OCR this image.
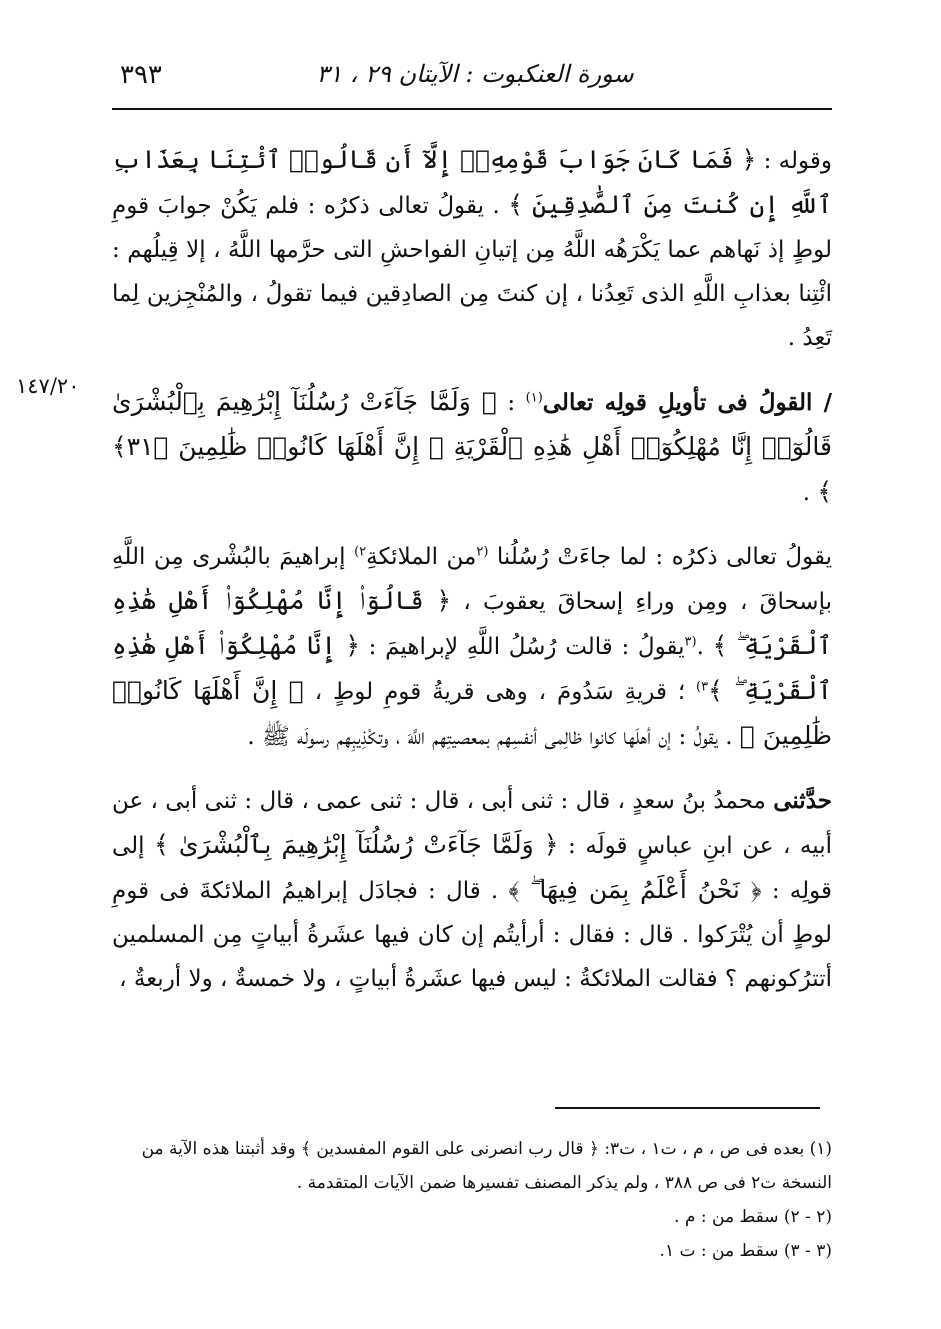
٣٩٣	سورة العنكبوت : الآيتان ٢٩ ، ٣١
١٤٧/٢٠

وقوله : ﴿ فَمَا كَانَ جَوَابَ قَوْمِهِۦٓ إِلَّآ أَن قَالُوا۟ ٱئْتِنَا بِعَذَابِ ٱللَّهِ إِن كُنتَ مِنَ ٱلصَّٰدِقِينَ ﴾ . يقولُ تعالى ذكرُه : فلم يَكُنْ جوابَ قومِ لوطٍ إذ نَهاهم عما يَكْرَهُه اللَّهُ مِن إتيانِ الفواحشِ التى حرَّمها اللَّهُ ، إلا قِيلُهم : ائْتِنا بعذابِ اللَّهِ الذى تَعِدُنا ، إن كنتَ مِن الصادِقين فيما تقولُ ، والمُنْجِزين لِما تَعِدُ .

/ القولُ فى تأويلِ قولِه تعالى$^{(١)}$ : ﴿ وَلَمَّا جَآءَتْ رُسُلُنَآ إِبْرَٰهِيمَ بِٱلْبُشْرَىٰ قَالُوٓا۟ إِنَّا مُهْلِكُوٓا۟ أَهْلِ هَٰذِهِ ٱلْقَرْيَةِ ۖ إِنَّ أَهْلَهَا كَانُوا۟ ظَٰلِمِينَ ﴿٣١﴾ ﴾ .

يقولُ تعالى ذكرُه : لما جاءَتْ رُسُلُنا $^{(٢}$من الملائكةِ$^{٢)}$ إبراهيمَ بالبُشْرى مِن اللَّهِ بإسحاقَ ، ومِن وراءِ إسحاقَ يعقوبَ ، ﴿ قَالُوٓا۟ إِنَّا مُهْلِكُوٓا۟ أَهْلِ هَٰذِهِ ٱلْقَرْيَةِ ۖ ﴾ .$^{(٣}$يقولُ : قالت رُسُلُ اللَّهِ لإبراهيمَ : ﴿ إِنَّا مُهْلِكُوٓا۟ أَهْلِ هَٰذِهِ ٱلْقَرْيَةِ ۖ ﴾$^{٣)}$ ؛ قريةِ سَدُومَ ، وهى قريةُ قومِ لوطٍ ، ﴿ إِنَّ أَهْلَهَا كَانُوا۟ ظَٰلِمِينَ ﴾ . يقولُ : إن أهلَها كانوا ظالِمى أنفسِهم بمعصيتِهم اللَّهَ ، وتكْذِيبِهم رسولَه ﷺ .

حدَّثنى محمدُ بنُ سعدٍ ، قال : ثنى أبى ، قال : ثنى عمى ، قال : ثنى أبى ، عن أبيه ، عن ابنِ عباسٍ قولَه : ﴿ وَلَمَّا جَآءَتْ رُسُلُنَآ إِبْرَٰهِيمَ بِٱلْبُشْرَىٰ ﴾ إلى قولِه : ﴿ نَحْنُ أَعْلَمُ بِمَن فِيهَا ۖ ﴾ . قال : فجادَل إبراهيمُ الملائكةَ فى قومِ لوطٍ أن يُتْرَكوا . قال : فقال : أرأيتُم إن كان فيها عشَرةُ أبياتٍ مِن المسلمين أتترُكونهم ؟ فقالت الملائكةُ : ليس فيها عشَرةُ أبياتٍ ، ولا خمسةٌ ، ولا أربعةٌ ،

(١) بعده فى ص ، م ، ت١ ، ت٣: ﴿ قال رب انصرنى على القوم المفسدين ﴾ وقد أثبتنا هذه الآية من النسخة ت٢ فى ص ٣٨٨ ، ولم يذكر المصنف تفسيرها ضمن الآيات المتقدمة .

(٢ - ٢) سقط من : م .

(٣ - ٣) سقط من : ت ١.
